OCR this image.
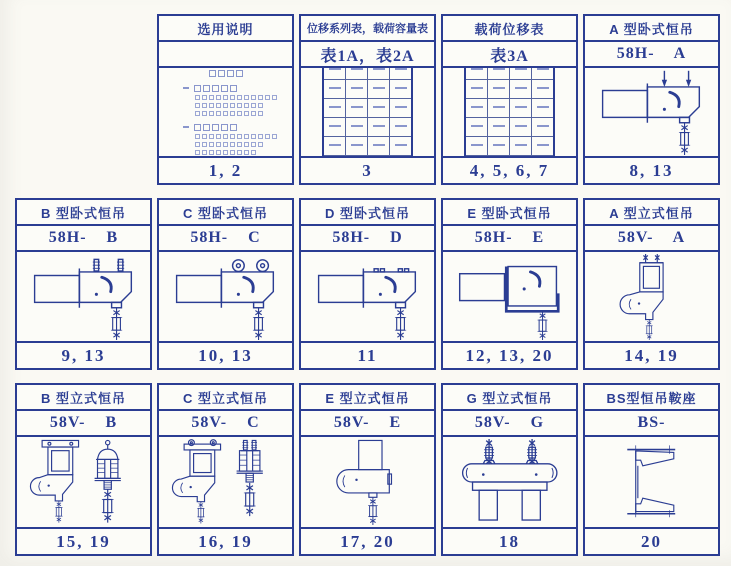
选用说明
1, 2
位移系列表，载荷容量表
表1A，表2A

3
载荷位移表
表3A

4, 5, 6, 7
A 型卧式恒吊
58H-    A
8, 13
B 型卧式恒吊
58H-    B
9, 13
C 型卧式恒吊
58H-    C
10, 13
D 型卧式恒吊
58H-    D
11
E 型卧式恒吊
58H-    E
12, 13, 20
A 型立式恒吊
58V-    A
14, 19
B 型立式恒吊
58V-    B
15, 19
C 型立式恒吊
58V-    C
16, 19
E 型立式恒吊
58V-    E
17, 20
G 型立式恒吊
58V-    G
18
BS型恒吊鞍座
BS-
20
